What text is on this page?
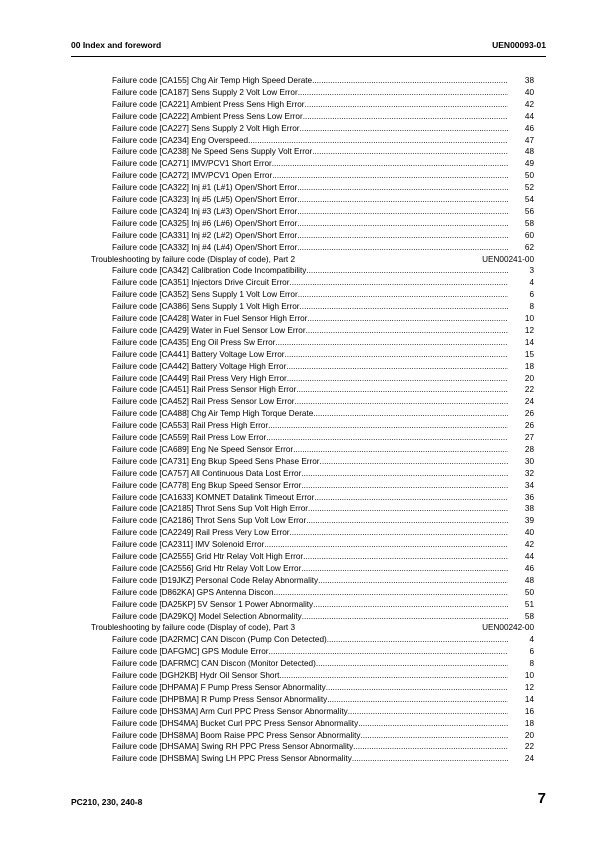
00 Index and foreword	UEN00093-01
Failure code [CA155] Chg Air Temp High Speed Derate .....	38
Failure code [CA187] Sens Supply 2 Volt Low Error .....	40
Failure code [CA221] Ambient Press Sens High Error .....	42
Failure code [CA222] Ambient Press Sens Low Error .....	44
Failure code [CA227] Sens Supply 2 Volt High Error .....	46
Failure code [CA234] Eng Overspeed .....	47
Failure code [CA238] Ne Speed Sens Supply Volt Error .....	48
Failure code [CA271] IMV/PCV1 Short Error .....	49
Failure code [CA272] IMV/PCV1 Open Error .....	50
Failure code [CA322] Inj #1 (L#1) Open/Short Error .....	52
Failure code [CA323] Inj #5 (L#5) Open/Short Error .....	54
Failure code [CA324] Inj #3 (L#3) Open/Short Error .....	56
Failure code [CA325] Inj #6 (L#6) Open/Short Error .....	58
Failure code [CA331] Inj #2 (L#2) Open/Short Error .....	60
Failure code [CA332] Inj #4 (L#4) Open/Short Error .....	62
Troubleshooting by failure code (Display of code), Part 2	UEN00241-00
Failure code [CA342] Calibration Code Incompatibility .....	3
Failure code [CA351] Injectors Drive Circuit Error .....	4
Failure code [CA352] Sens Supply 1 Volt Low Error .....	6
Failure code [CA386] Sens Supply 1 Volt High Error .....	8
Failure code [CA428] Water in Fuel Sensor High Error .....	10
Failure code [CA429] Water in Fuel Sensor Low Error .....	12
Failure code [CA435] Eng Oil Press Sw Error .....	14
Failure code [CA441] Battery Voltage Low Error .....	15
Failure code [CA442] Battery Voltage High Error .....	18
Failure code [CA449] Rail Press Very High Error .....	20
Failure code [CA451] Rail Press Sensor High Error .....	22
Failure code [CA452] Rail Press Sensor Low Error .....	24
Failure code [CA488] Chg Air Temp High Torque Derate .....	26
Failure code [CA553] Rail Press High Error .....	26
Failure code [CA559] Rail Press Low Error .....	27
Failure code [CA689] Eng Ne Speed Sensor Error .....	28
Failure code [CA731] Eng Bkup Speed Sens Phase Error .....	30
Failure code [CA757] All Continuous Data Lost Error .....	32
Failure code [CA778] Eng Bkup Speed Sensor Error .....	34
Failure code [CA1633] KOMNET Datalink Timeout Error .....	36
Failure code [CA2185] Throt Sens Sup Volt High Error .....	38
Failure code [CA2186] Throt Sens Sup Volt Low Error .....	39
Failure code [CA2249] Rail Press Very Low Error .....	40
Failure code [CA2311] IMV Solenoid Error .....	42
Failure code [CA2555] Grid Htr Relay Volt High Error .....	44
Failure code [CA2556] Grid Htr Relay Volt Low Error .....	46
Failure code [D19JKZ] Personal Code Relay Abnormality .....	48
Failure code [D862KA] GPS Antenna Discon .....	50
Failure code [DA25KP] 5V Sensor 1 Power Abnormality .....	51
Failure code [DA29KQ] Model Selection Abnormality .....	58
Troubleshooting by failure code (Display of code), Part 3	UEN00242-00
Failure code [DA2RMC] CAN Discon (Pump Con Detected) .....	4
Failure code [DAFGMC] GPS Module Error .....	6
Failure code [DAFRMC] CAN Discon (Monitor Detected) .....	8
Failure code [DGH2KB] Hydr Oil Sensor Short .....	10
Failure code [DHPAMA] F Pump Press Sensor Abnormality .....	12
Failure code [DHPBMA] R Pump Press Sensor Abnormality .....	14
Failure code [DHS3MA] Arm Curl PPC Press Sensor Abnormality .....	16
Failure code [DHS4MA] Bucket Curl PPC Press Sensor Abnormality .....	18
Failure code [DHS8MA] Boom Raise PPC Press Sensor Abnormality .....	20
Failure code [DHSAMA] Swing RH PPC Press Sensor Abnormality .....	22
Failure code [DHSBMA] Swing LH PPC Press Sensor Abnormality .....	24
PC210, 230, 240-8	7
